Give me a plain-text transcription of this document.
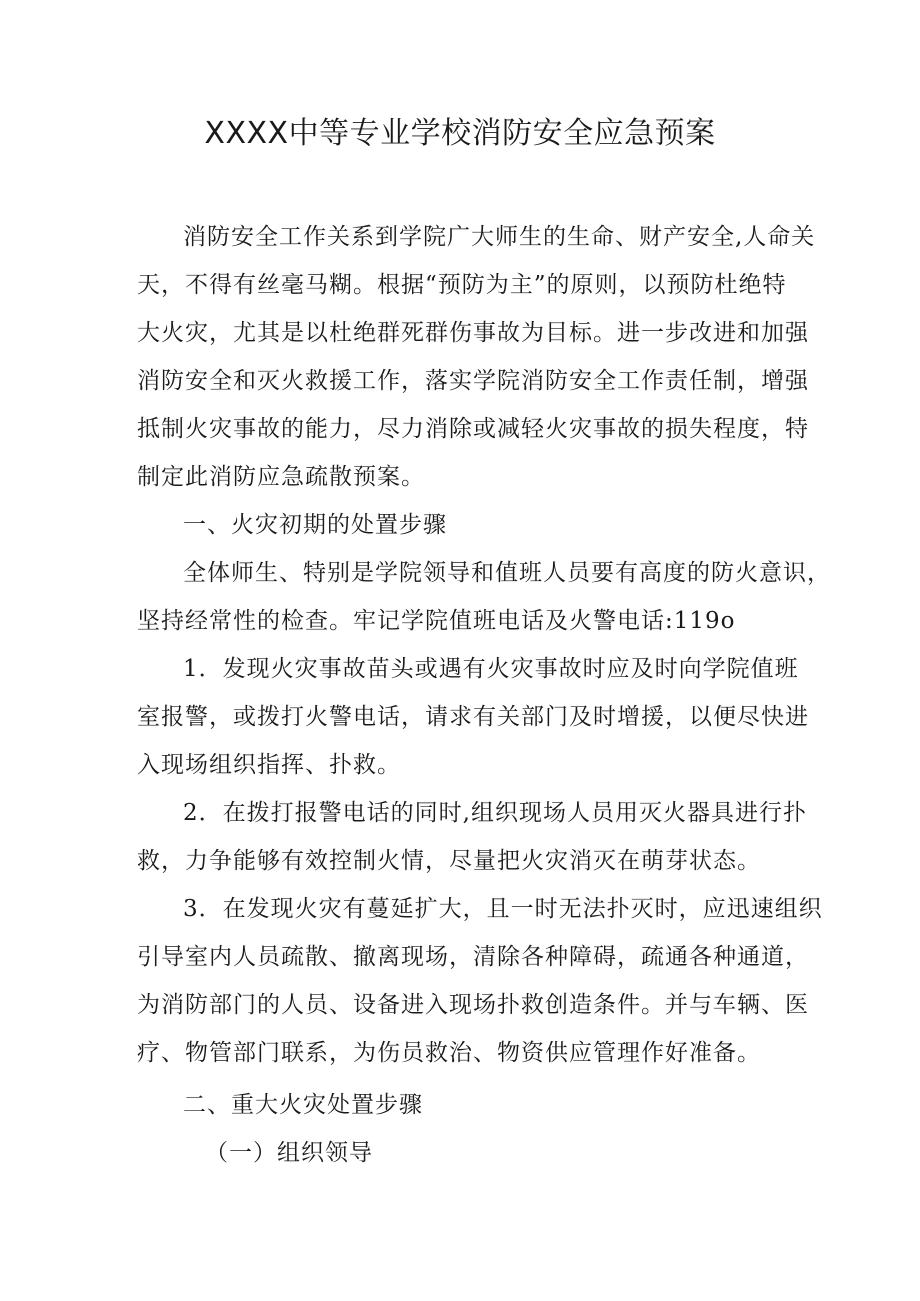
XXXX中等专业学校消防安全应急预案
消防安全工作关系到学院广大师生的生命、财产安全,人命关
天，不得有丝毫马糊。根据“预防为主”的原则，以预防杜绝特
大火灾，尤其是以杜绝群死群伤事故为目标。进一步改进和加强
消防安全和灭火救援工作，落实学院消防安全工作责任制，增强
抵制火灾事故的能力，尽力消除或减轻火灾事故的损失程度，特
制定此消防应急疏散预案。
一、火灾初期的处置步骤
全体师生、特别是学院领导和值班人员要有高度的防火意识，
坚持经常性的检查。牢记学院值班电话及火警电话:119o
1．发现火灾事故苗头或遇有火灾事故时应及时向学院值班
室报警，或拨打火警电话，请求有关部门及时增援，以便尽快进
入现场组织指挥、扑救。
2．在拨打报警电话的同时,组织现场人员用灭火器具进行扑
救，力争能够有效控制火情，尽量把火灾消灭在萌芽状态。
3．在发现火灾有蔓延扩大，且一时无法扑灭时，应迅速组织
引导室内人员疏散、撤离现场，清除各种障碍，疏通各种通道，
为消防部门的人员、设备进入现场扑救创造条件。并与车辆、医
疗、物管部门联系，为伤员救治、物资供应管理作好准备。
二、重大火灾处置步骤
（一）组织领导
